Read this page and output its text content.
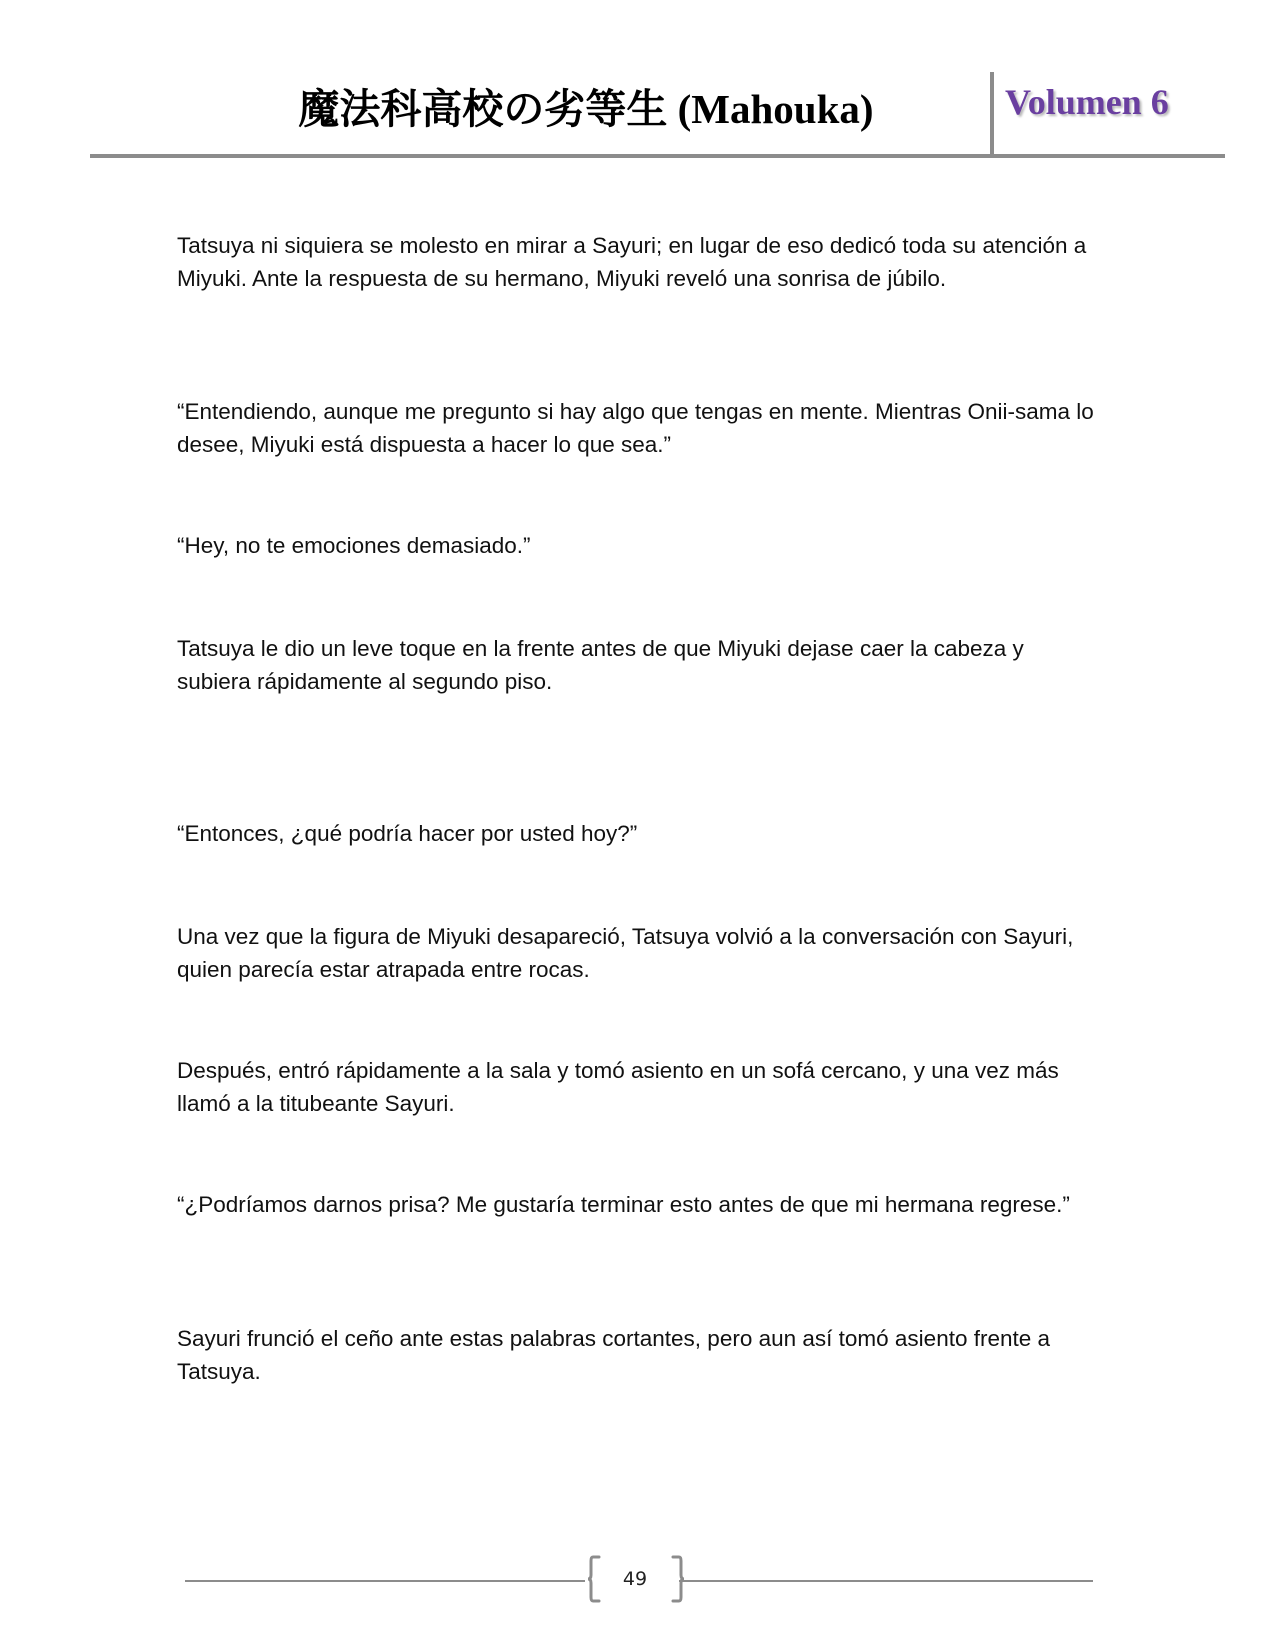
魔法科高校の劣等生 (Mahouka)	Volumen 6

Tatsuya ni siquiera se molesto en mirar a Sayuri; en lugar de eso dedicó toda su atención a Miyuki. Ante la respuesta de su hermano, Miyuki reveló una sonrisa de júbilo.

“Entendiendo, aunque me pregunto si hay algo que tengas en mente. Mientras Onii-sama lo desee, Miyuki está dispuesta a hacer lo que sea.”

“Hey, no te emociones demasiado.”

Tatsuya le dio un leve toque en la frente antes de que Miyuki dejase caer la cabeza y subiera rápidamente al segundo piso.

“Entonces, ¿qué podría hacer por usted hoy?”

Una vez que la figura de Miyuki desapareció, Tatsuya volvió a la conversación con Sayuri, quien parecía estar atrapada entre rocas.

Después, entró rápidamente a la sala y tomó asiento en un sofá cercano, y una vez más llamó a la titubeante Sayuri.

“¿Podríamos darnos prisa? Me gustaría terminar esto antes de que mi hermana regrese.”

Sayuri frunció el ceño ante estas palabras cortantes, pero aun así tomó asiento frente a Tatsuya.

49
